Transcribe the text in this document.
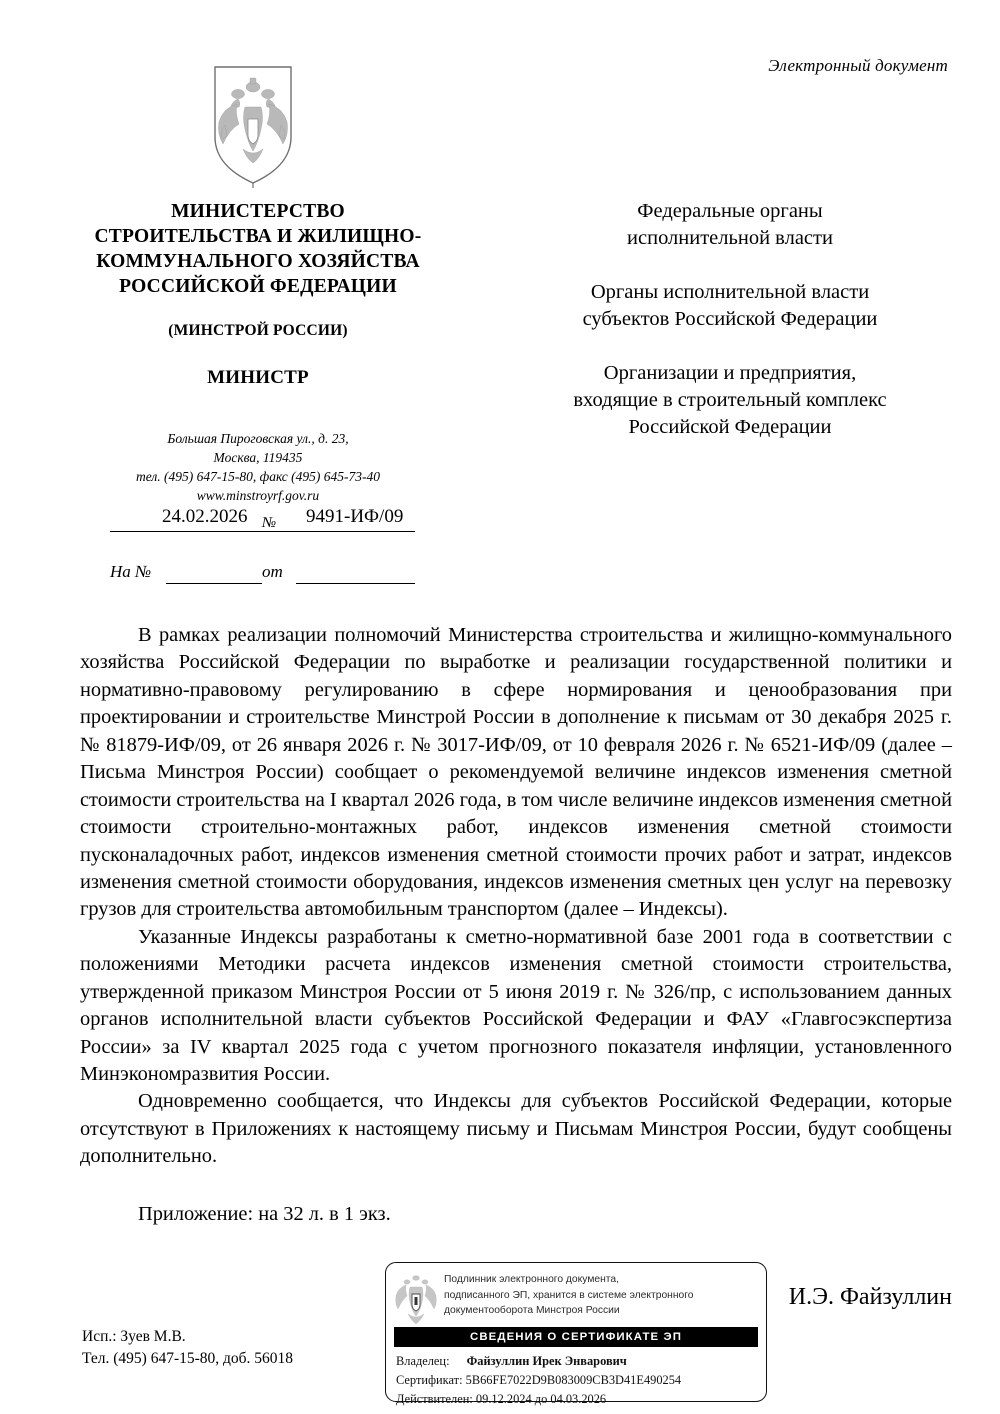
Электронный документ
МИНИСТЕРСТВО
СТРОИТЕЛЬСТВА И ЖИЛИЩНО-
КОММУНАЛЬНОГО ХОЗЯЙСТВА
РОССИЙСКОЙ ФЕДЕРАЦИИ
(МИНСТРОЙ РОССИИ)
МИНИСТР
Большая Пироговская ул., д. 23,
Москва, 119435
тел. (495) 647-15-80, факс (495) 645-73-40
www.minstroyrf.gov.ru
24.02.2026 № 9491-ИФ/09
На №	от
Федеральные органы
исполнительной власти
Органы исполнительной власти
субъектов Российской Федерации
Организации и предприятия,
входящие в строительный комплекс
Российской Федерации

В рамках реализации полномочий Министерства строительства и жилищно-коммунального хозяйства Российской Федерации по выработке и реализации государственной политики и нормативно-правовому регулированию в сфере нормирования и ценообразования при проектировании и строительстве Минстрой России в дополнение к письмам от 30 декабря 2025 г. № 81879-ИФ/09, от 26 января 2026 г. № 3017-ИФ/09, от 10 февраля 2026 г. № 6521-ИФ/09 (далее – Письма Минстроя России) сообщает о рекомендуемой величине индексов изменения сметной стоимости строительства на I квартал 2026 года, в том числе величине индексов изменения сметной стоимости строительно-монтажных работ, индексов изменения сметной стоимости пусконаладочных работ, индексов изменения сметной стоимости прочих работ и затрат, индексов изменения сметной стоимости оборудования, индексов изменения сметных цен услуг на перевозку грузов для строительства автомобильным транспортом (далее – Индексы).

Указанные Индексы разработаны к сметно-нормативной базе 2001 года в соответствии с положениями Методики расчета индексов изменения сметной стоимости строительства, утвержденной приказом Минстроя России от 5 июня 2019 г. № 326/пр, с использованием данных органов исполнительной власти субъектов Российской Федерации и ФАУ «Главгосэкспертиза России» за IV квартал 2025 года с учетом прогнозного показателя инфляции, установленного Минэкономразвития России.

Одновременно сообщается, что Индексы для субъектов Российской Федерации, которые отсутствуют в Приложениях к настоящему письму и Письмам Минстроя России, будут сообщены дополнительно.

Приложение: на 32 л. в 1 экз.
И.Э. Файзуллин
Подлинник электронного документа,
подписанного ЭП, хранится в системе электронного
документооборота Минстроя России
СВЕДЕНИЯ О СЕРТИФИКАТЕ ЭП
Владелец: Файзуллин Ирек Энварович
Сертификат: 5B66FE7022D9B083009CB3D41E490254
Действителен: 09.12.2024 до 04.03.2026
Исп.: Зуев М.В.
Тел. (495) 647-15-80, доб. 56018
